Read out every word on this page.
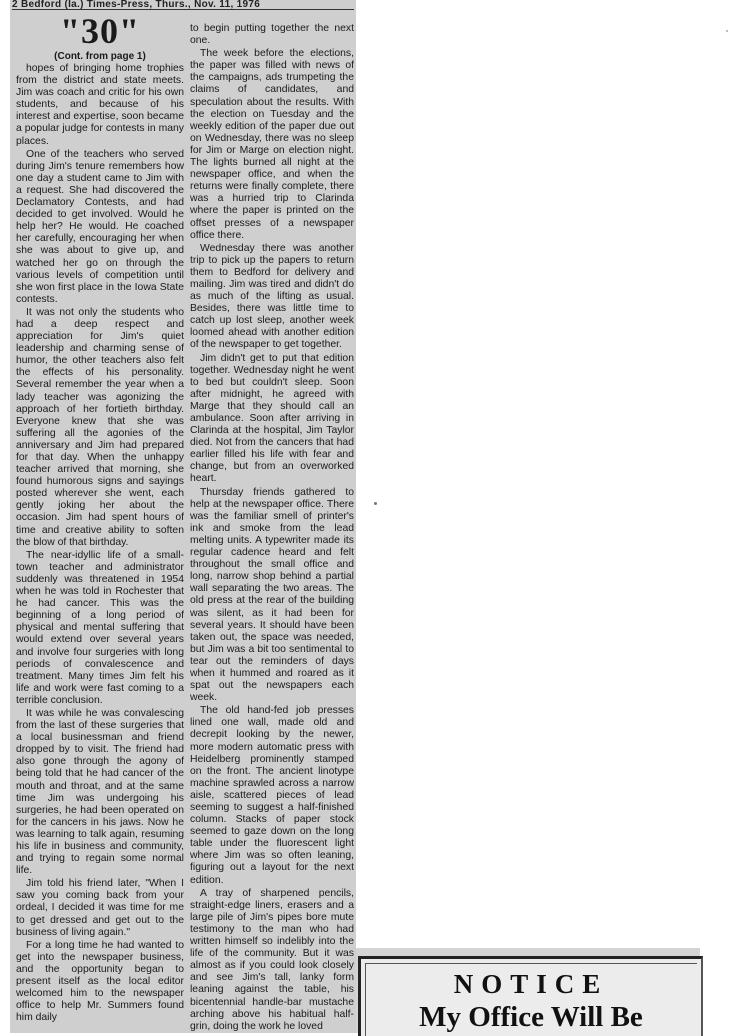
2 Bedford (Ia.) Times-Press, Thurs., Nov. 11, 1976
"30"
(Cont. from page 1)

hopes of bringing home trophies from the district and state meets. Jim was coach and critic for his own students, and because of his interest and expertise, soon became a popular judge for contests in many places.

One of the teachers who served during Jim's tenure remembers how one day a student came to Jim with a request. She had discovered the Declamatory Contests, and had decided to get involved. Would he help her? He would. He coached her carefully, encouraging her when she was about to give up, and watched her go on through the various levels of competition until she won first place in the Iowa State contests.

It was not only the students who had a deep respect and appreciation for Jim's quiet leadership and charming sense of humor, the other teachers also felt the effects of his personality. Several remember the year when a lady teacher was agonizing the approach of her fortieth birthday. Everyone knew that she was suffering all the agonies of the anniversary and Jim had prepared for that day. When the unhappy teacher arrived that morning, she found humorous signs and sayings posted wherever she went, each gently joking her about the occasion. Jim had spent hours of time and creative ability to soften the blow of that birthday.

The near-idyllic life of a small-town teacher and administrator suddenly was threatened in 1954 when he was told in Rochester that he had cancer. This was the beginning of a long period of physical and mental suffering that would extend over several years and involve four surgeries with long periods of convalescence and treatment. Many times Jim felt his life and work were fast coming to a terrible conclusion.

It was while he was convalescing from the last of these surgeries that a local businessman and friend dropped by to visit. The friend had also gone through the agony of being told that he had cancer of the mouth and throat, and at the same time Jim was undergoing his surgeries, he had been operated on for the cancers in his jaws. Now he was learning to talk again, resuming his life in business and community, and trying to regain some normal life.

Jim told his friend later, "When I saw you coming back from your ordeal, I decided it was time for me to get dressed and get out to the business of living again."

For a long time he had wanted to get into the newspaper business, and the opportunity began to present itself as the local editor welcomed him to the newspaper office to help Mr. Summers found him daily

to begin putting together the next one.

The week before the elections, the paper was filled with news of the campaigns, ads trumpeting the claims of candidates, and speculation about the results. With the election on Tuesday and the weekly edition of the paper due out on Wednesday, there was no sleep for Jim or Marge on election night. The lights burned all night at the newspaper office, and when the returns were finally complete, there was a hurried trip to Clarinda where the paper is printed on the offset presses of a newspaper office there.

Wednesday there was another trip to pick up the papers to return them to Bedford for delivery and mailing. Jim was tired and didn't do as much of the lifting as usual. Besides, there was little time to catch up lost sleep, another week loomed ahead with another edition of the newspaper to get together.

Jim didn't get to put that edition together. Wednesday night he went to bed but couldn't sleep. Soon after midnight, he agreed with Marge that they should call an ambulance. Soon after arriving in Clarinda at the hospital, Jim Taylor died. Not from the cancers that had earlier filled his life with fear and change, but from an overworked heart.

Thursday friends gathered to help at the newspaper office. There was the familiar smell of printer's ink and smoke from the lead melting units. A typewriter made its regular cadence heard and felt throughout the small office and long, narrow shop behind a partial wall separating the two areas. The old press at the rear of the building was silent, as it had been for several years. It should have been taken out, the space was needed, but Jim was a bit too sentimental to tear out the reminders of days when it hummed and roared as it spat out the newspapers each week.

The old hand-fed job presses lined one wall, made old and decrepit looking by the newer, more modern automatic press with Heidelberg prominently stamped on the front. The ancient linotype machine sprawled across a narrow aisle, scattered pieces of lead seeming to suggest a half-finished column. Stacks of paper stock seemed to gaze down on the long table under the fluorescent light where Jim was so often leaning, figuring out a layout for the next edition.

A tray of sharpened pencils, straight-edge liners, erasers and a large pile of Jim's pipes bore mute testimony to the man who had written himself so indelibly into the life of the community. But it was almost as if you could look closely and see Jim's tall, lanky form leaning against the table, his bicentennial handle-bar mustache arching above his habitual half-grin, doing the work he loved

NOTICE
My Office Will Be
